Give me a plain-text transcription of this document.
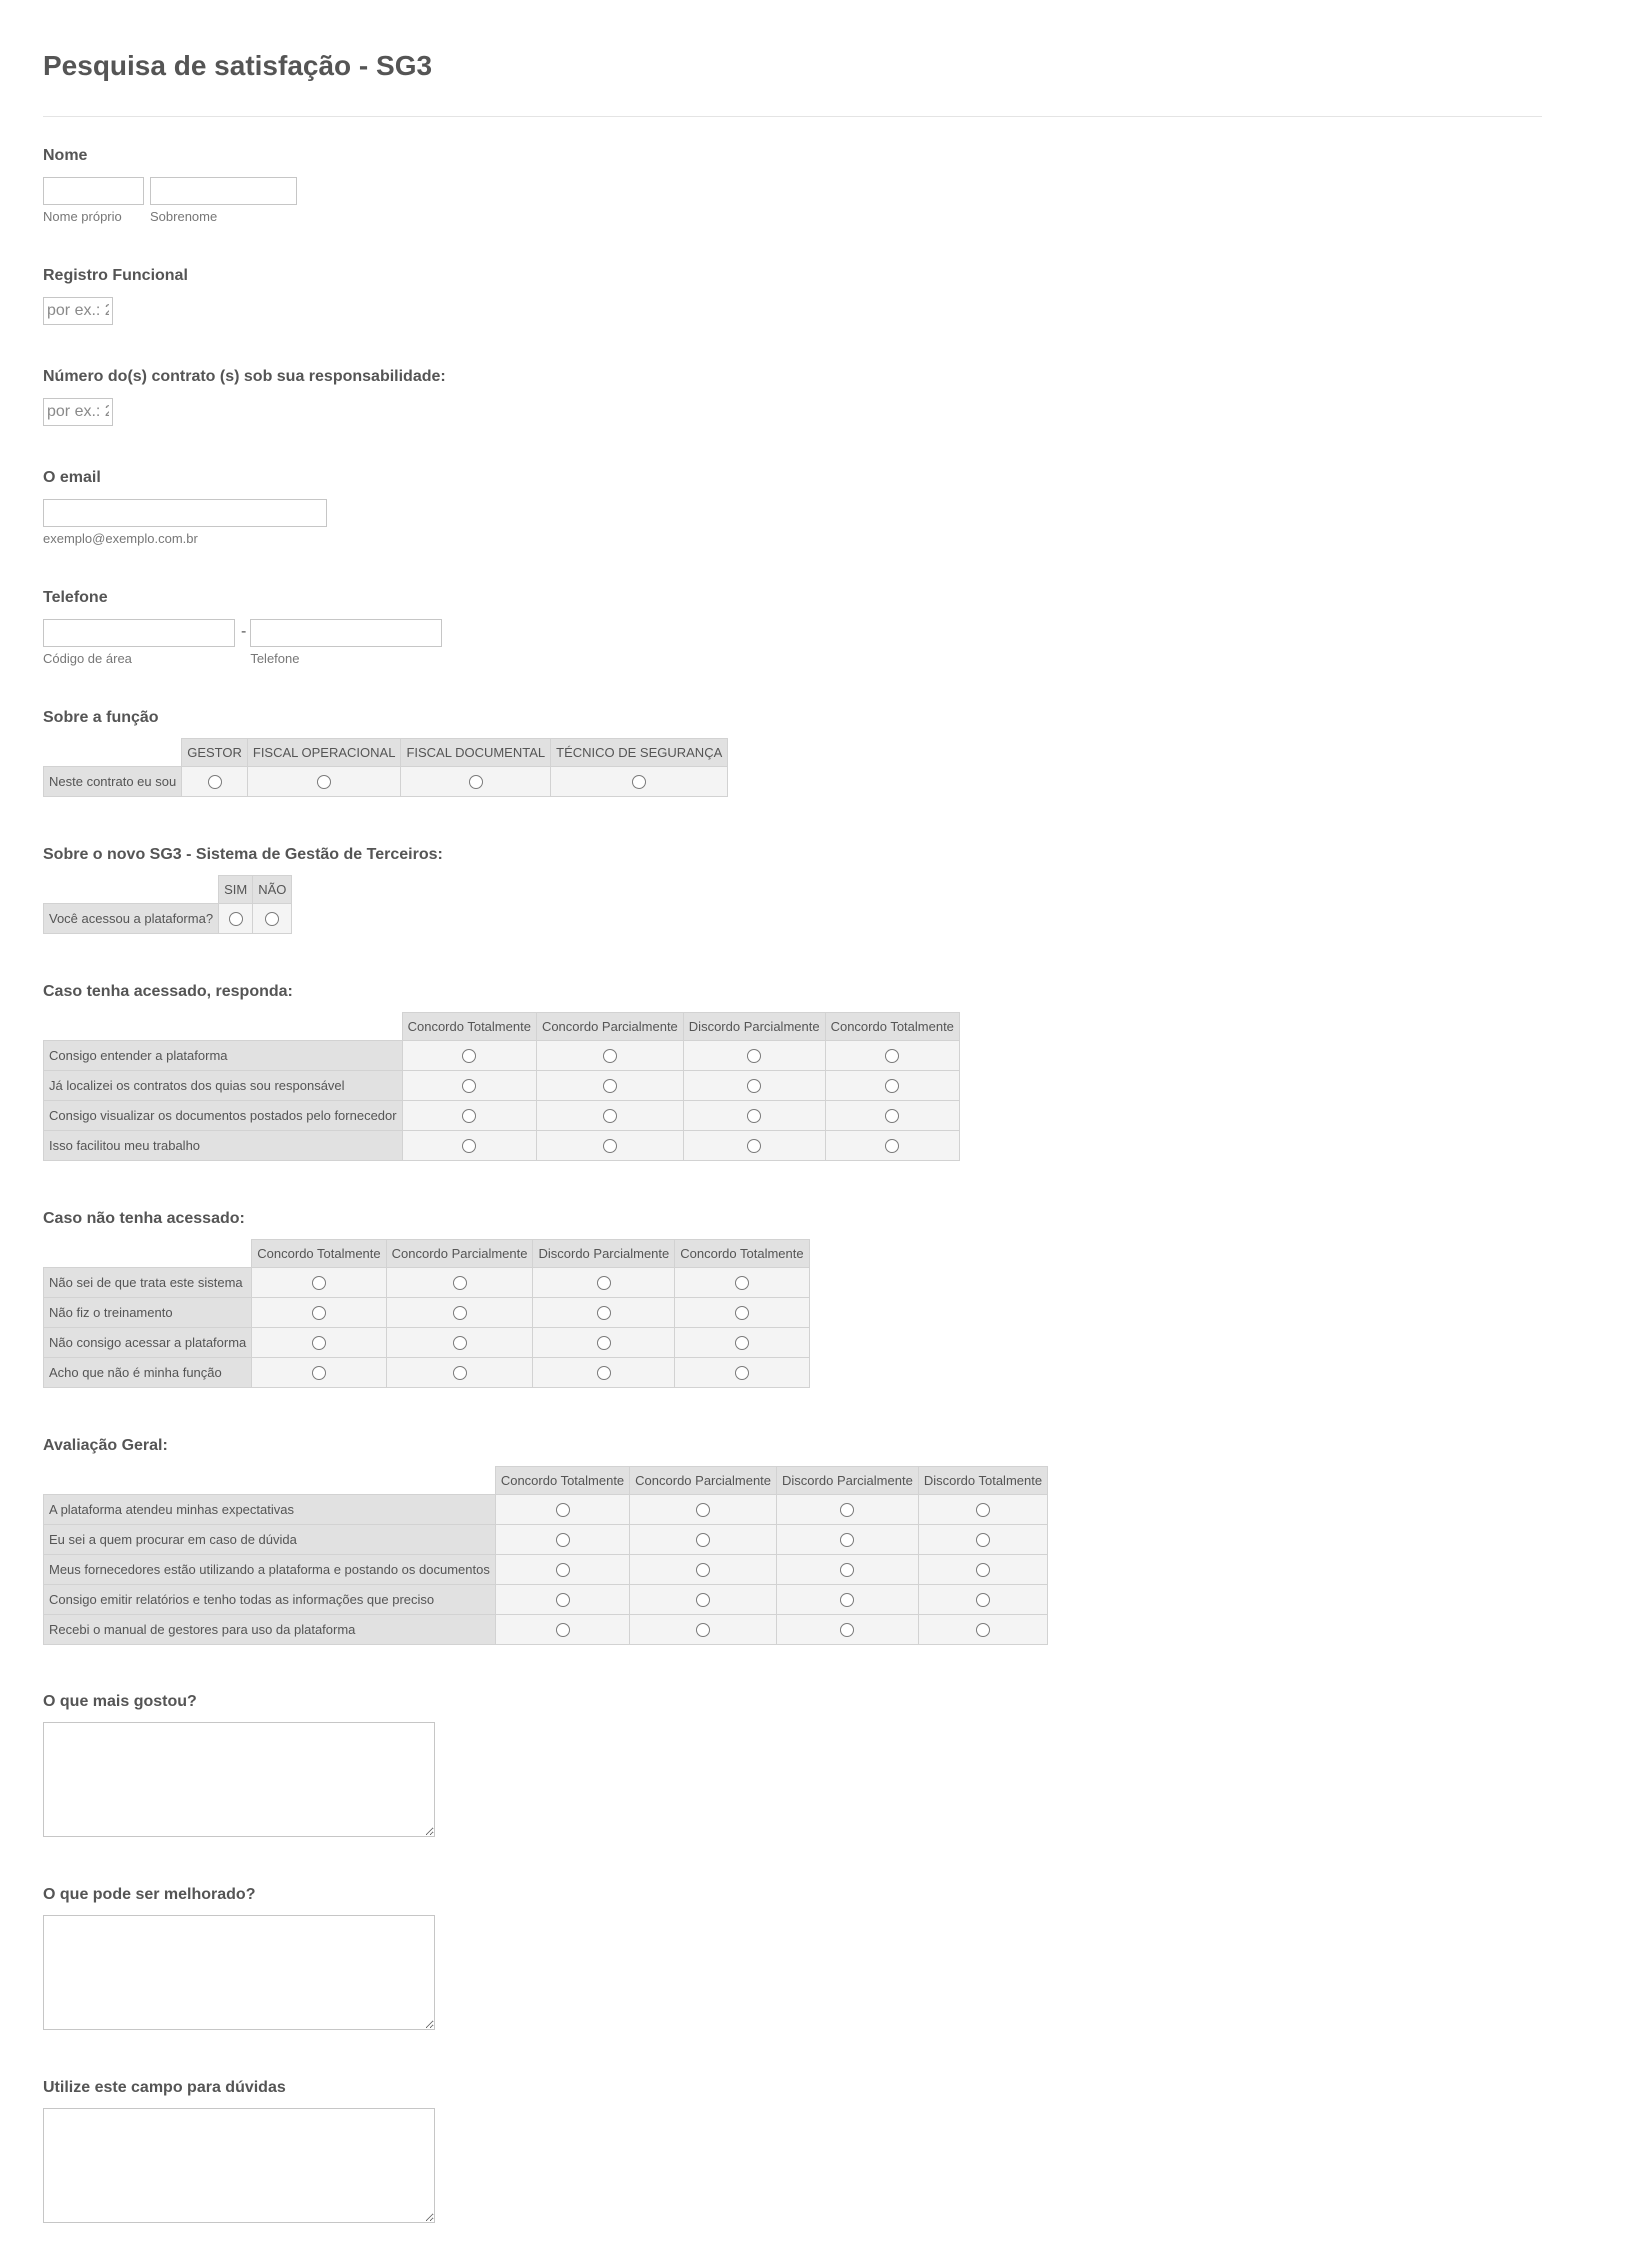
Pesquisa de satisfação - SG3
Nome
Nome próprio	Sobrenome
Registro Funcional
por ex.: 23
Número do(s) contrato (s) sob sua responsabilidade:
por ex.: 23
O email
exemplo@exemplo.com.br
Telefone
Código de área
-
Telefone
Sobre a função
	GESTOR	FISCAL OPERACIONAL	FISCAL DOCUMENTAL	TÉCNICO DE SEGURANÇA
Neste contrato eu sou				
Sobre o novo SG3 - Sistema de Gestão de Terceiros:
	SIM	NÃO
Você acessou a plataforma?		
Caso tenha acessado, responda:
	Concordo Totalmente	Concordo Parcialmente	Discordo Parcialmente	Concordo Totalmente
Consigo entender a plataforma				
Já localizei os contratos dos quias sou responsável				
Consigo visualizar os documentos postados pelo fornecedor				
Isso facilitou meu trabalho				
Caso não tenha acessado:
	Concordo Totalmente	Concordo Parcialmente	Discordo Parcialmente	Concordo Totalmente
Não sei de que trata este sistema				
Não fiz o treinamento				
Não consigo acessar a plataforma				
Acho que não é minha função				
Avaliação Geral:
	Concordo Totalmente	Concordo Parcialmente	Discordo Parcialmente	Discordo Totalmente
A plataforma atendeu minhas expectativas				
Eu sei a quem procurar em caso de dúvida				
Meus fornecedores estão utilizando a plataforma e postando os documentos				
Consigo emitir relatórios e tenho todas as informações que preciso				
Recebi o manual de gestores para uso da plataforma				
O que mais gostou?
O que pode ser melhorado?
Utilize este campo para dúvidas
